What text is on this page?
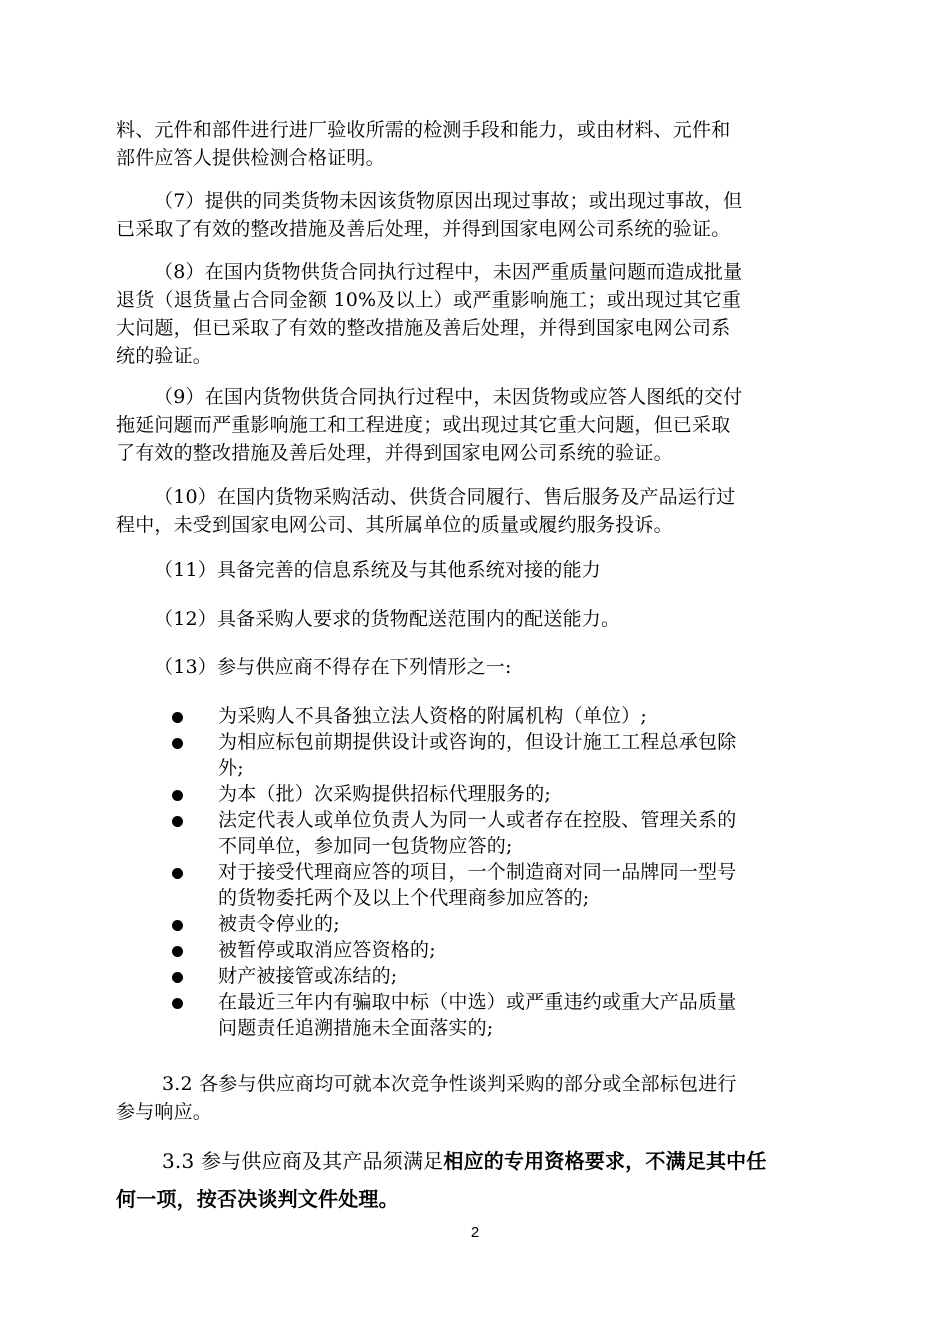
料、元件和部件进行进厂验收所需的检测手段和能力，或由材料、元件和
部件应答人提供检测合格证明。
（7）提供的同类货物未因该货物原因出现过事故；或出现过事故，但
已采取了有效的整改措施及善后处理，并得到国家电网公司系统的验证。
（8）在国内货物供货合同执行过程中，未因严重质量问题而造成批量
退货（退货量占合同金额 10%及以上）或严重影响施工；或出现过其它重
大问题，但已采取了有效的整改措施及善后处理，并得到国家电网公司系
统的验证。
（9）在国内货物供货合同执行过程中，未因货物或应答人图纸的交付
拖延问题而严重影响施工和工程进度；或出现过其它重大问题，但已采取
了有效的整改措施及善后处理，并得到国家电网公司系统的验证。
（10）在国内货物采购活动、供货合同履行、售后服务及产品运行过
程中，未受到国家电网公司、其所属单位的质量或履约服务投诉。
（11）具备完善的信息系统及与其他系统对接的能力
（12）具备采购人要求的货物配送范围内的配送能力。
（13）参与供应商不得存在下列情形之一:
为采购人不具备独立法人资格的附属机构（单位）;
为相应标包前期提供设计或咨询的，但设计施工工程总承包除
外;
为本（批）次采购提供招标代理服务的;
法定代表人或单位负责人为同一人或者存在控股、管理关系的
不同单位，参加同一包货物应答的;
对于接受代理商应答的项目，一个制造商对同一品牌同一型号
的货物委托两个及以上个代理商参加应答的;
被责令停业的;
被暂停或取消应答资格的;
财产被接管或冻结的;
在最近三年内有骗取中标（中选）或严重违约或重大产品质量
问题责任追溯措施未全面落实的;
3.2 各参与供应商均可就本次竞争性谈判采购的部分或全部标包进行
参与响应。
3.3 参与供应商及其产品须满足相应的专用资格要求，不满足其中任
何一项，按否决谈判文件处理。
2
